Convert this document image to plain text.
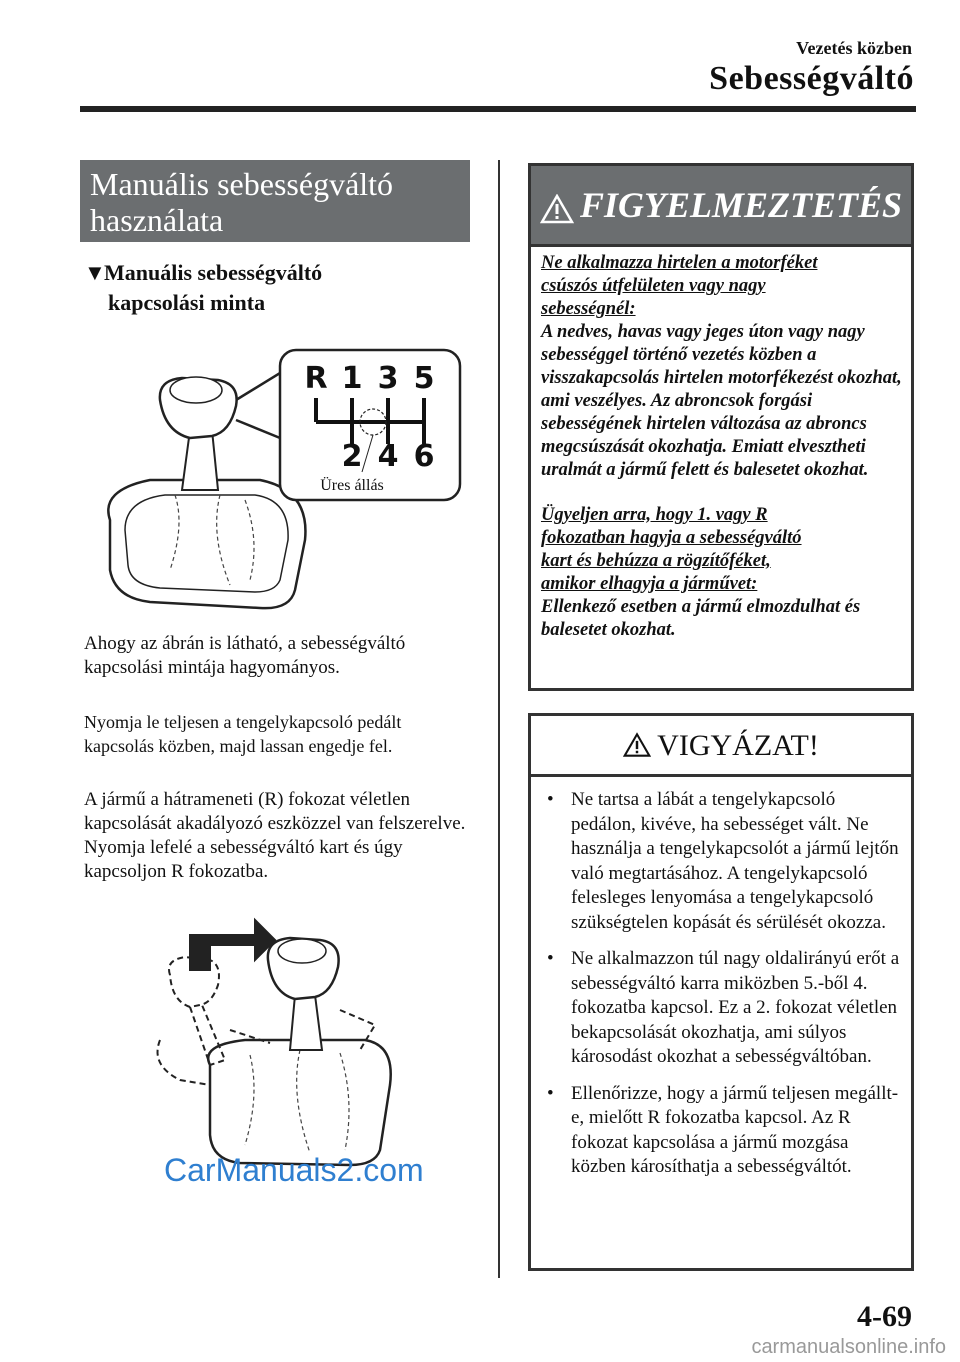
Vezetés közben
Sebességváltó
Manuális sebességváltó
használata
▼Manuális sebességváltó
kapcsolási minta
R 1 3 5
2 4 6
Üres állás
Ahogy az ábrán is látható, a sebességváltó kapcsolási mintája hagyományos.
Nyomja le teljesen a tengelykapcsoló pedált kapcsolás közben, majd lassan engedje fel.
A jármű a hátrameneti (R) fokozat véletlen kapcsolását akadályozó eszközzel van felszerelve. Nyomja lefelé a sebességváltó kart és úgy kapcsoljon R fokozatba.
FIGYELMEZTETÉS
Ne alkalmazza hirtelen a motorféket
csúszós útfelületen vagy nagy
sebességnél:
A nedves, havas vagy jeges úton vagy nagy sebességgel történő vezetés közben a visszakapcsolás hirtelen motorfékezést okozhat, ami veszélyes. Az abroncsok forgási sebességének hirtelen változása az abroncs megcsúszását okozhatja. Emiatt elvesztheti uralmát a jármű felett és balesetet okozhat.
Ügyeljen arra, hogy 1. vagy R
fokozatban hagyja a sebességváltó
kart és behúzza a rögzítőféket,
amikor elhagyja a járművet:
Ellenkező esetben a jármű elmozdulhat és balesetet okozhat.
VIGYÁZAT!
• Ne tartsa a lábát a tengelykapcsoló pedálon, kivéve, ha sebességet vált. Ne használja a tengelykapcsolót a jármű lejtőn való megtartásához. A tengelykapcsoló felesleges lenyomása a tengelykapcsoló szükségtelen kopását és sérülését okozza.
• Ne alkalmazzon túl nagy oldalirányú erőt a sebességváltó karra miközben 5.-ből 4. fokozatba kapcsol. Ez a 2. fokozat véletlen bekapcsolását okozhatja, ami súlyos károsodást okozhat a sebességváltóban.
• Ellenőrizze, hogy a jármű teljesen megállt-e, mielőtt R fokozatba kapcsol. Az R fokozat kapcsolása a jármű mozgása közben károsíthatja a sebességváltót.
4-69
CarManuals2.com
carmanualsonline.info
